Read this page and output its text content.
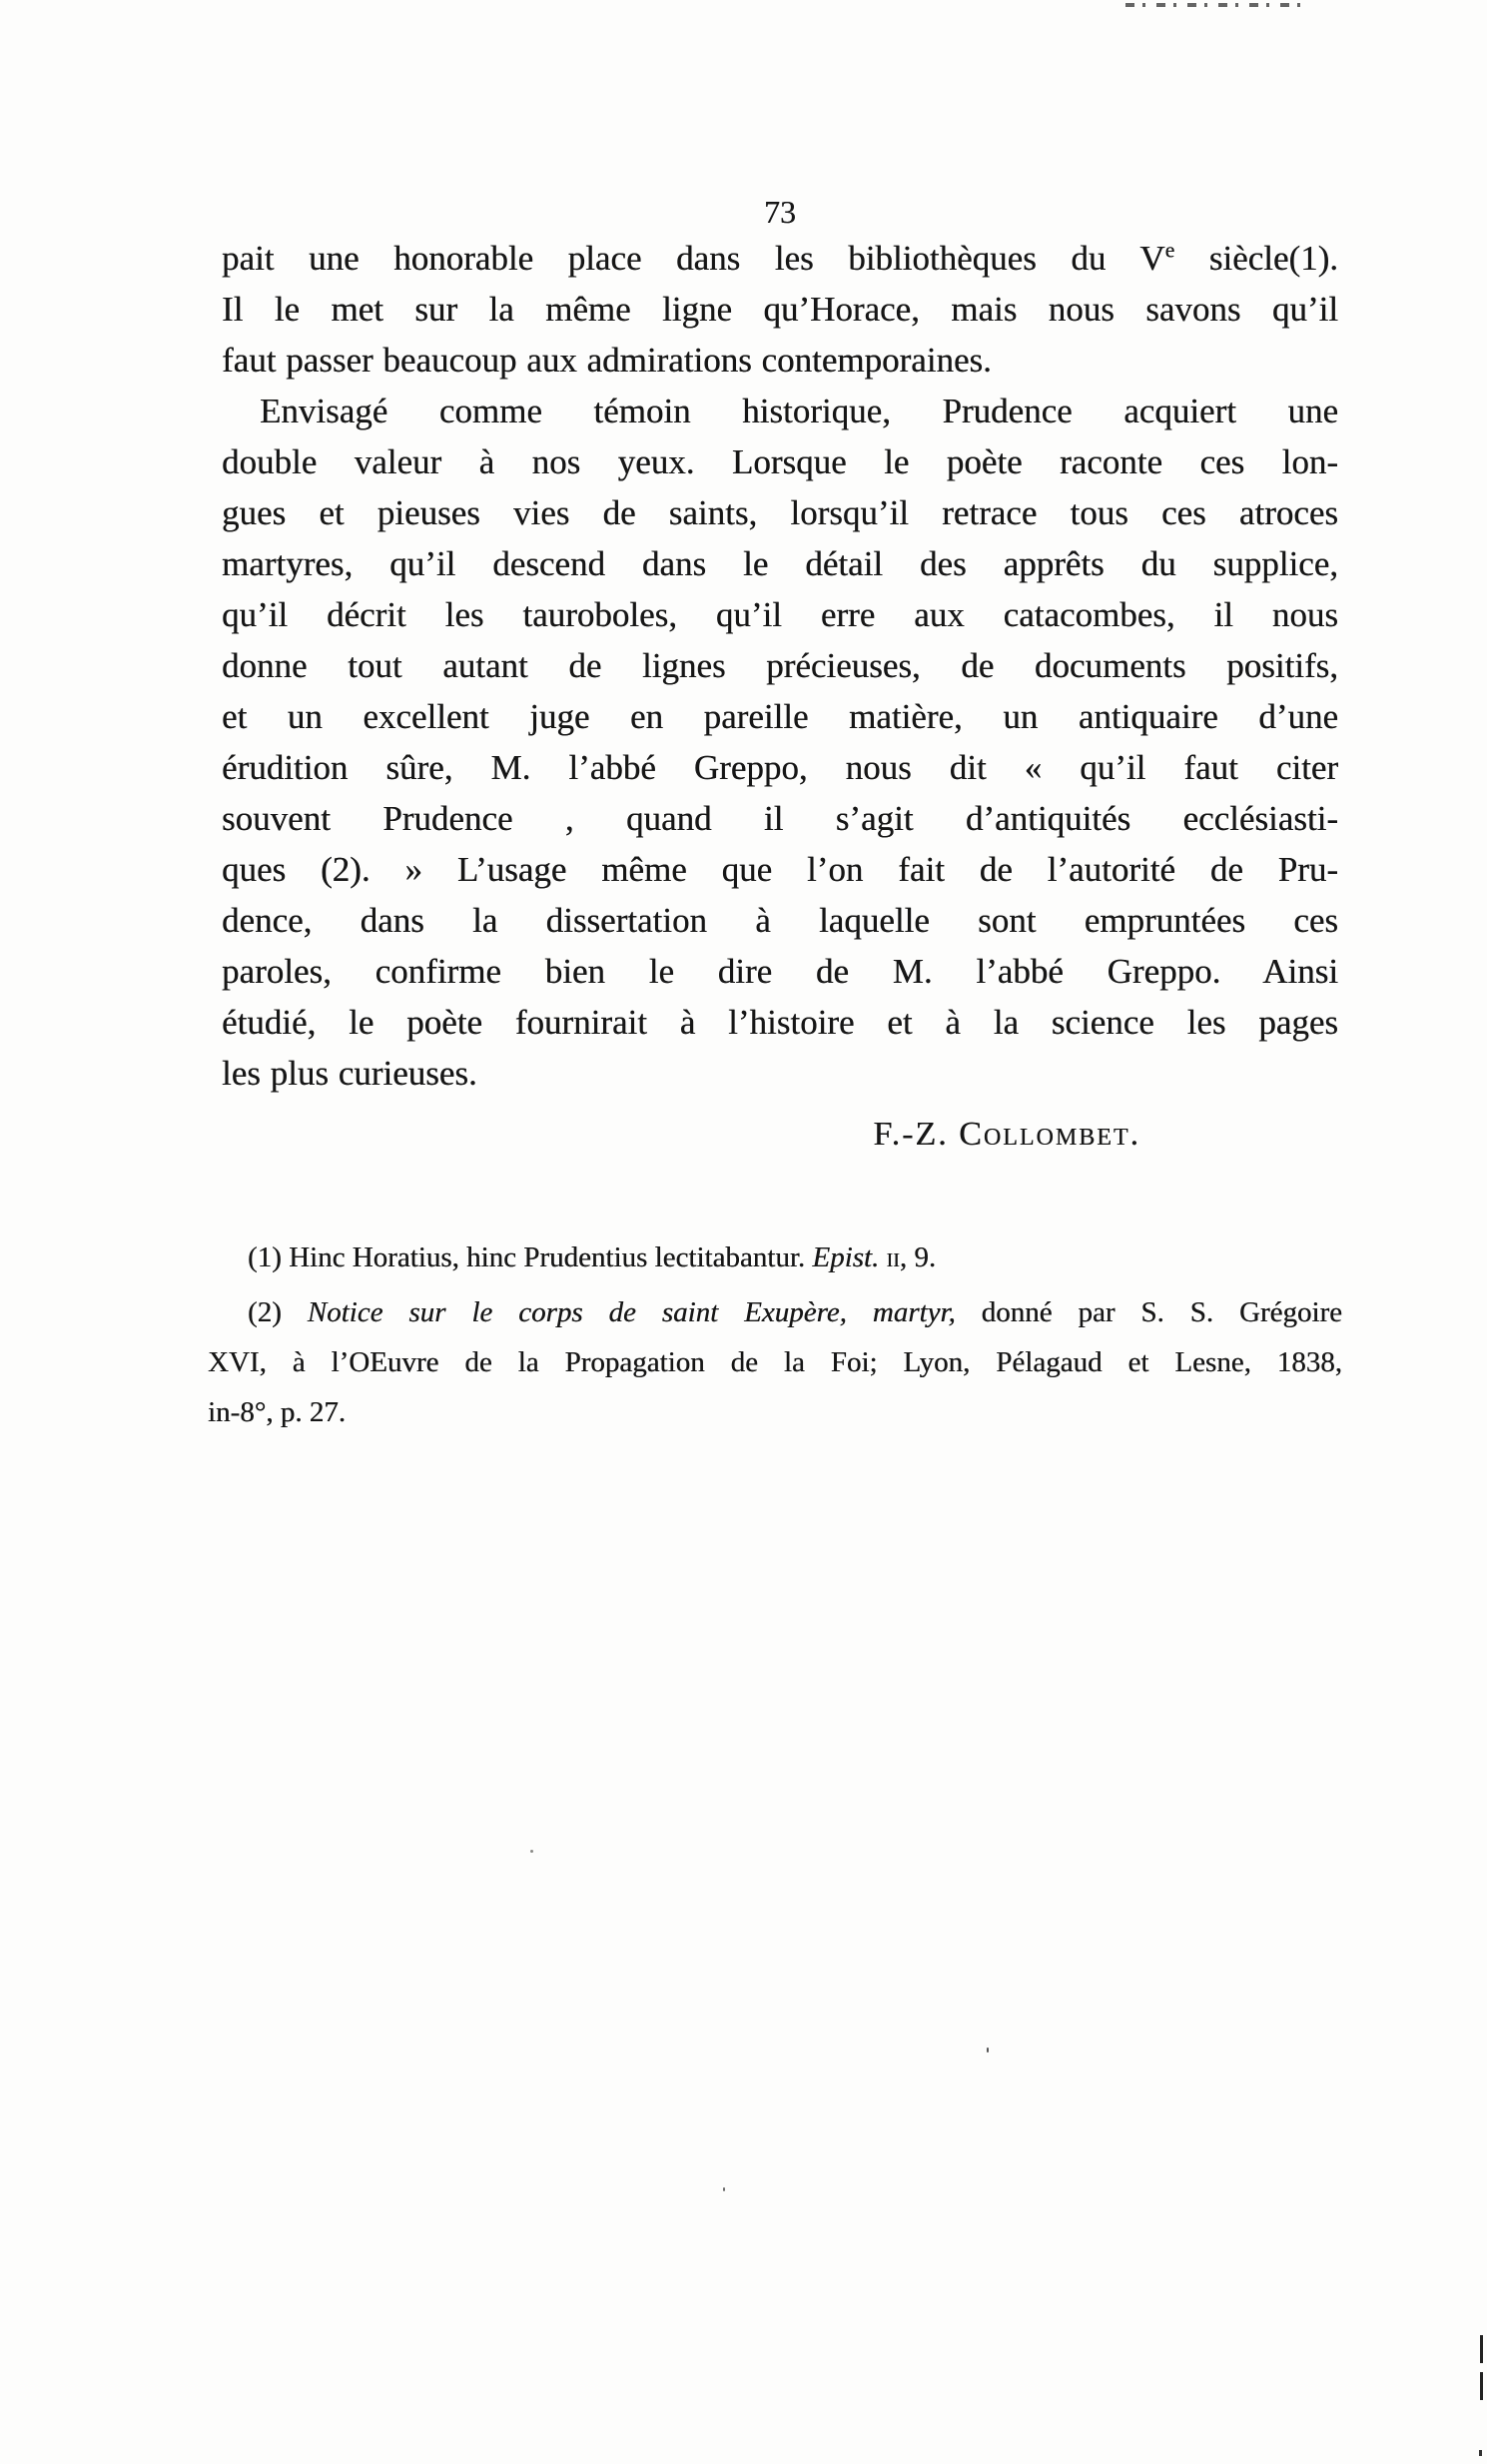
73
pait une honorable place dans les bibliothèques du Ve siècle(1).
Il le met sur la même ligne qu’Horace, mais nous savons qu’il
faut passer beaucoup aux admirations contemporaines.
Envisagé comme témoin historique, Prudence acquiert une
double valeur à nos yeux. Lorsque le poète raconte ces lon-
gues et pieuses vies de saints, lorsqu’il retrace tous ces atroces
martyres, qu’il descend dans le détail des apprêts du supplice,
qu’il décrit les tauroboles, qu’il erre aux catacombes, il nous
donne tout autant de lignes précieuses, de documents positifs,
et un excellent juge en pareille matière, un antiquaire d’une
érudition sûre, M. l’abbé Greppo, nous dit « qu’il faut citer
souvent Prudence , quand il s’agit d’antiquités ecclésiasti-
ques (2). » L’usage même que l’on fait de l’autorité de Pru-
dence, dans la dissertation à laquelle sont empruntées ces
paroles, confirme bien le dire de M. l’abbé Greppo. Ainsi
étudié, le poète fournirait à l’histoire et à la science les pages
les plus curieuses.
F.-Z. Collombet.
(1) Hinc Horatius, hinc Prudentius lectitabantur. Epist. ii, 9.
(2) Notice sur le corps de saint Exupère, martyr, donné par S. S. Grégoire
XVI, à l’OEuvre de la Propagation de la Foi; Lyon, Pélagaud et Lesne, 1838,
in-8°, p. 27.
